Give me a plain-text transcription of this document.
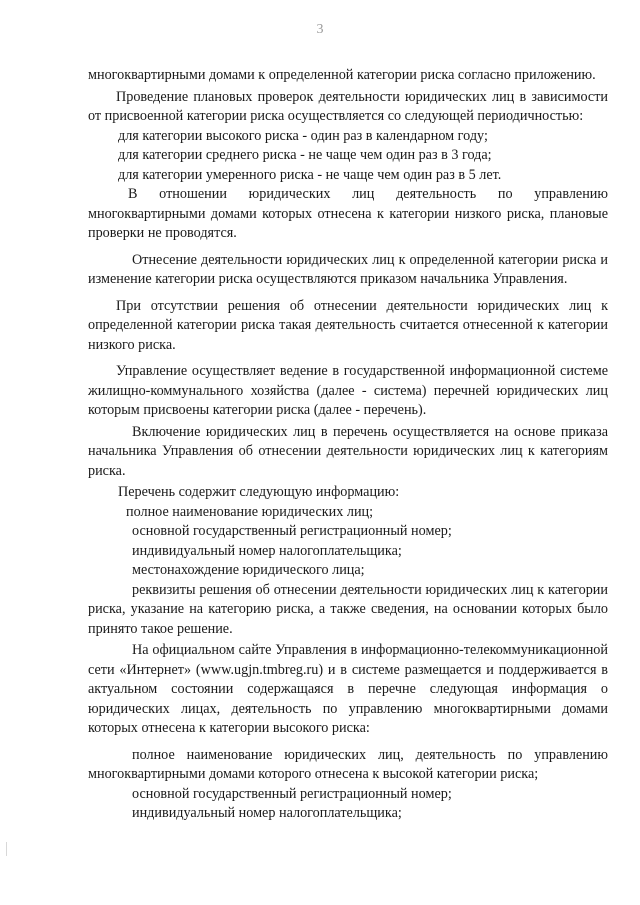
3

многоквартирными домами к определенной категории риска согласно приложению.

Проведение плановых проверок деятельности юридических лиц в зависимости от присвоенной категории риска осуществляется со следующей периодичностью:

для категории высокого риска - один раз в календарном году;

для категории среднего риска - не чаще чем один раз в 3 года;

для категории умеренного риска - не чаще чем один раз в 5 лет.

В отношении юридических лиц деятельность по управлению многоквартирными домами которых отнесена к категории низкого риска, плановые проверки не проводятся.

Отнесение деятельности юридических лиц к определенной категории риска и изменение категории риска осуществляются приказом начальника Управления.

При отсутствии решения об отнесении деятельности юридических лиц к определенной категории риска такая деятельность считается отнесенной к категории низкого риска.

Управление осуществляет ведение в государственной информационной системе жилищно-коммунального хозяйства (далее - система) перечней юридических лиц которым присвоены категории риска (далее - перечень).

Включение юридических лиц в перечень осуществляется на основе приказа начальника Управления об отнесении деятельности юридических лиц к категориям риска.

Перечень содержит следующую информацию:

полное наименование юридических лиц;

основной государственный регистрационный номер;

индивидуальный номер налогоплательщика;

местонахождение юридического лица;

реквизиты решения об отнесении деятельности юридических лиц к категории риска, указание на категорию риска, а также сведения, на основании которых было принято такое решение.

На официальном сайте Управления в информационно-телекоммуникационной сети «Интернет» (www.ugjn.tmbreg.ru) и в системе размещается и поддерживается в актуальном состоянии содержащаяся в перечне следующая информация о юридических лицах, деятельность по управлению многоквартирными домами которых отнесена к категории высокого риска:

полное наименование юридических лиц, деятельность по управлению многоквартирными домами которого отнесена к высокой категории риска;

основной государственный регистрационный номер;

индивидуальный номер налогоплательщика;
